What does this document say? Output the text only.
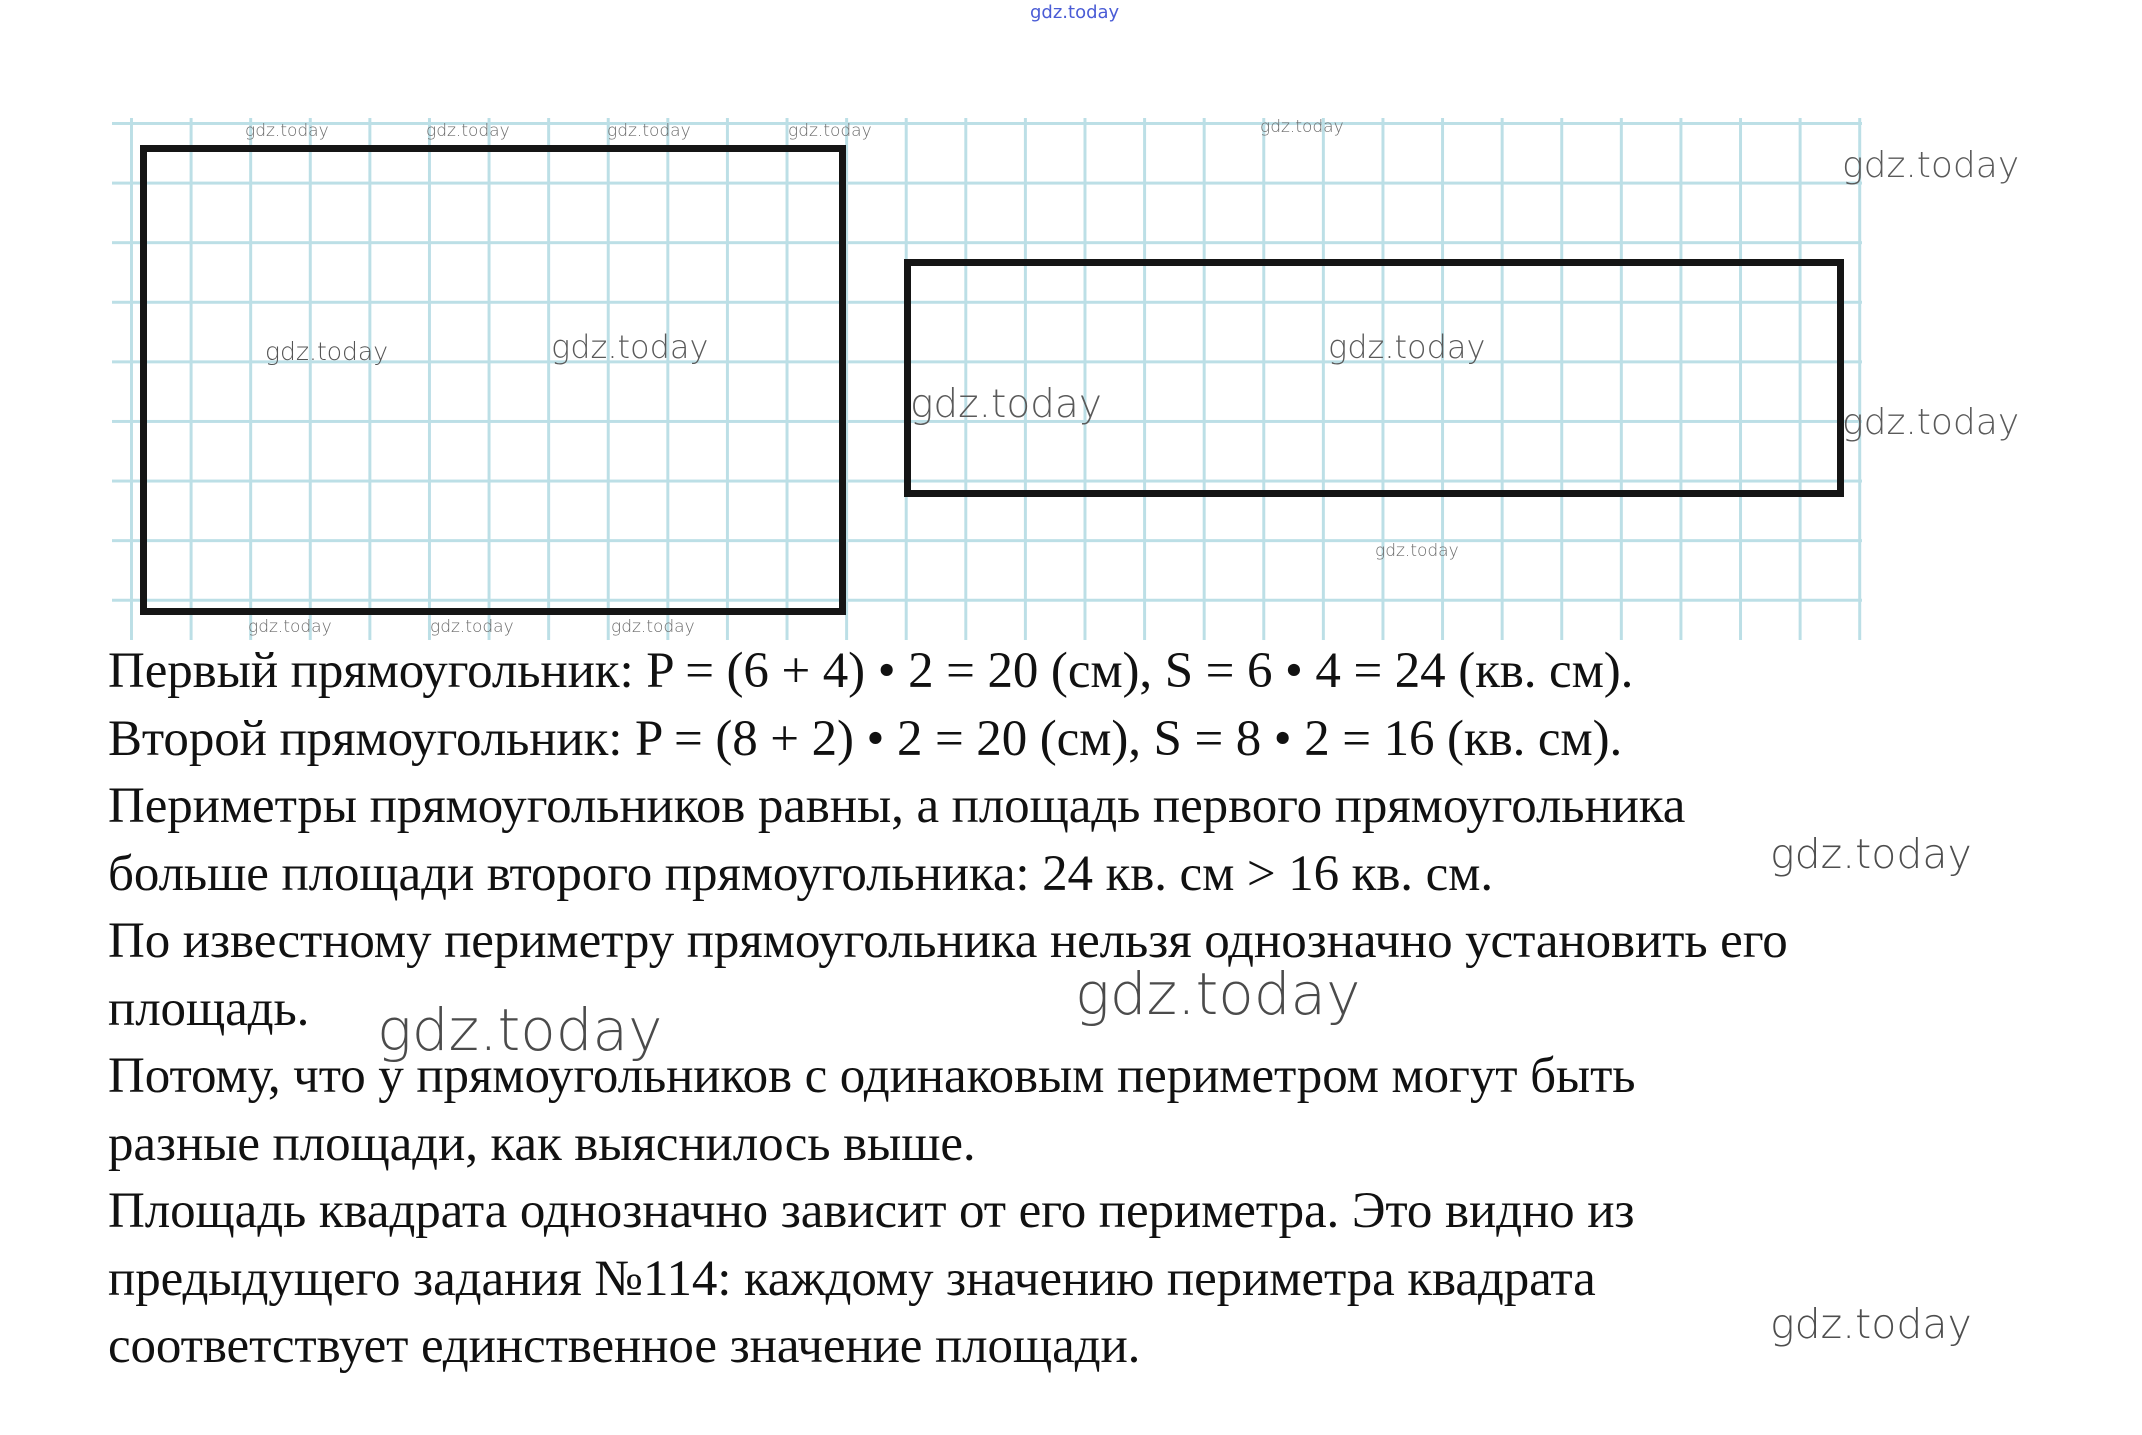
gdz.today
gdz.today	gdz.today	gdz.today	gdz.today	gdz.today
gdz.today
gdz.today	gdz.today	gdz.today
gdz.today	gdz.today
gdz.today
gdz.today	gdz.today	gdz.today
Первый прямоугольник: P = (6 + 4) • 2 = 20 (см), S = 6 • 4 = 24 (кв. см).
Второй прямоугольник: P = (8 + 2) • 2 = 20 (см), S = 8 • 2 = 16 (кв. см).
Периметры прямоугольников равны, а площадь первого прямоугольника
больше площади второго прямоугольника: 24 кв. см > 16 кв. см.
По известному периметру прямоугольника нельзя однозначно установить его
площадь.
Потому, что у прямоугольников с одинаковым периметром могут быть
разные площади, как выяснилось выше.
Площадь квадрата однозначно зависит от его периметра. Это видно из
предыдущего задания №114: каждому значению периметра квадрата
соответствует единственное значение площади.
gdz.today
gdz.today
gdz.today
gdz.today
